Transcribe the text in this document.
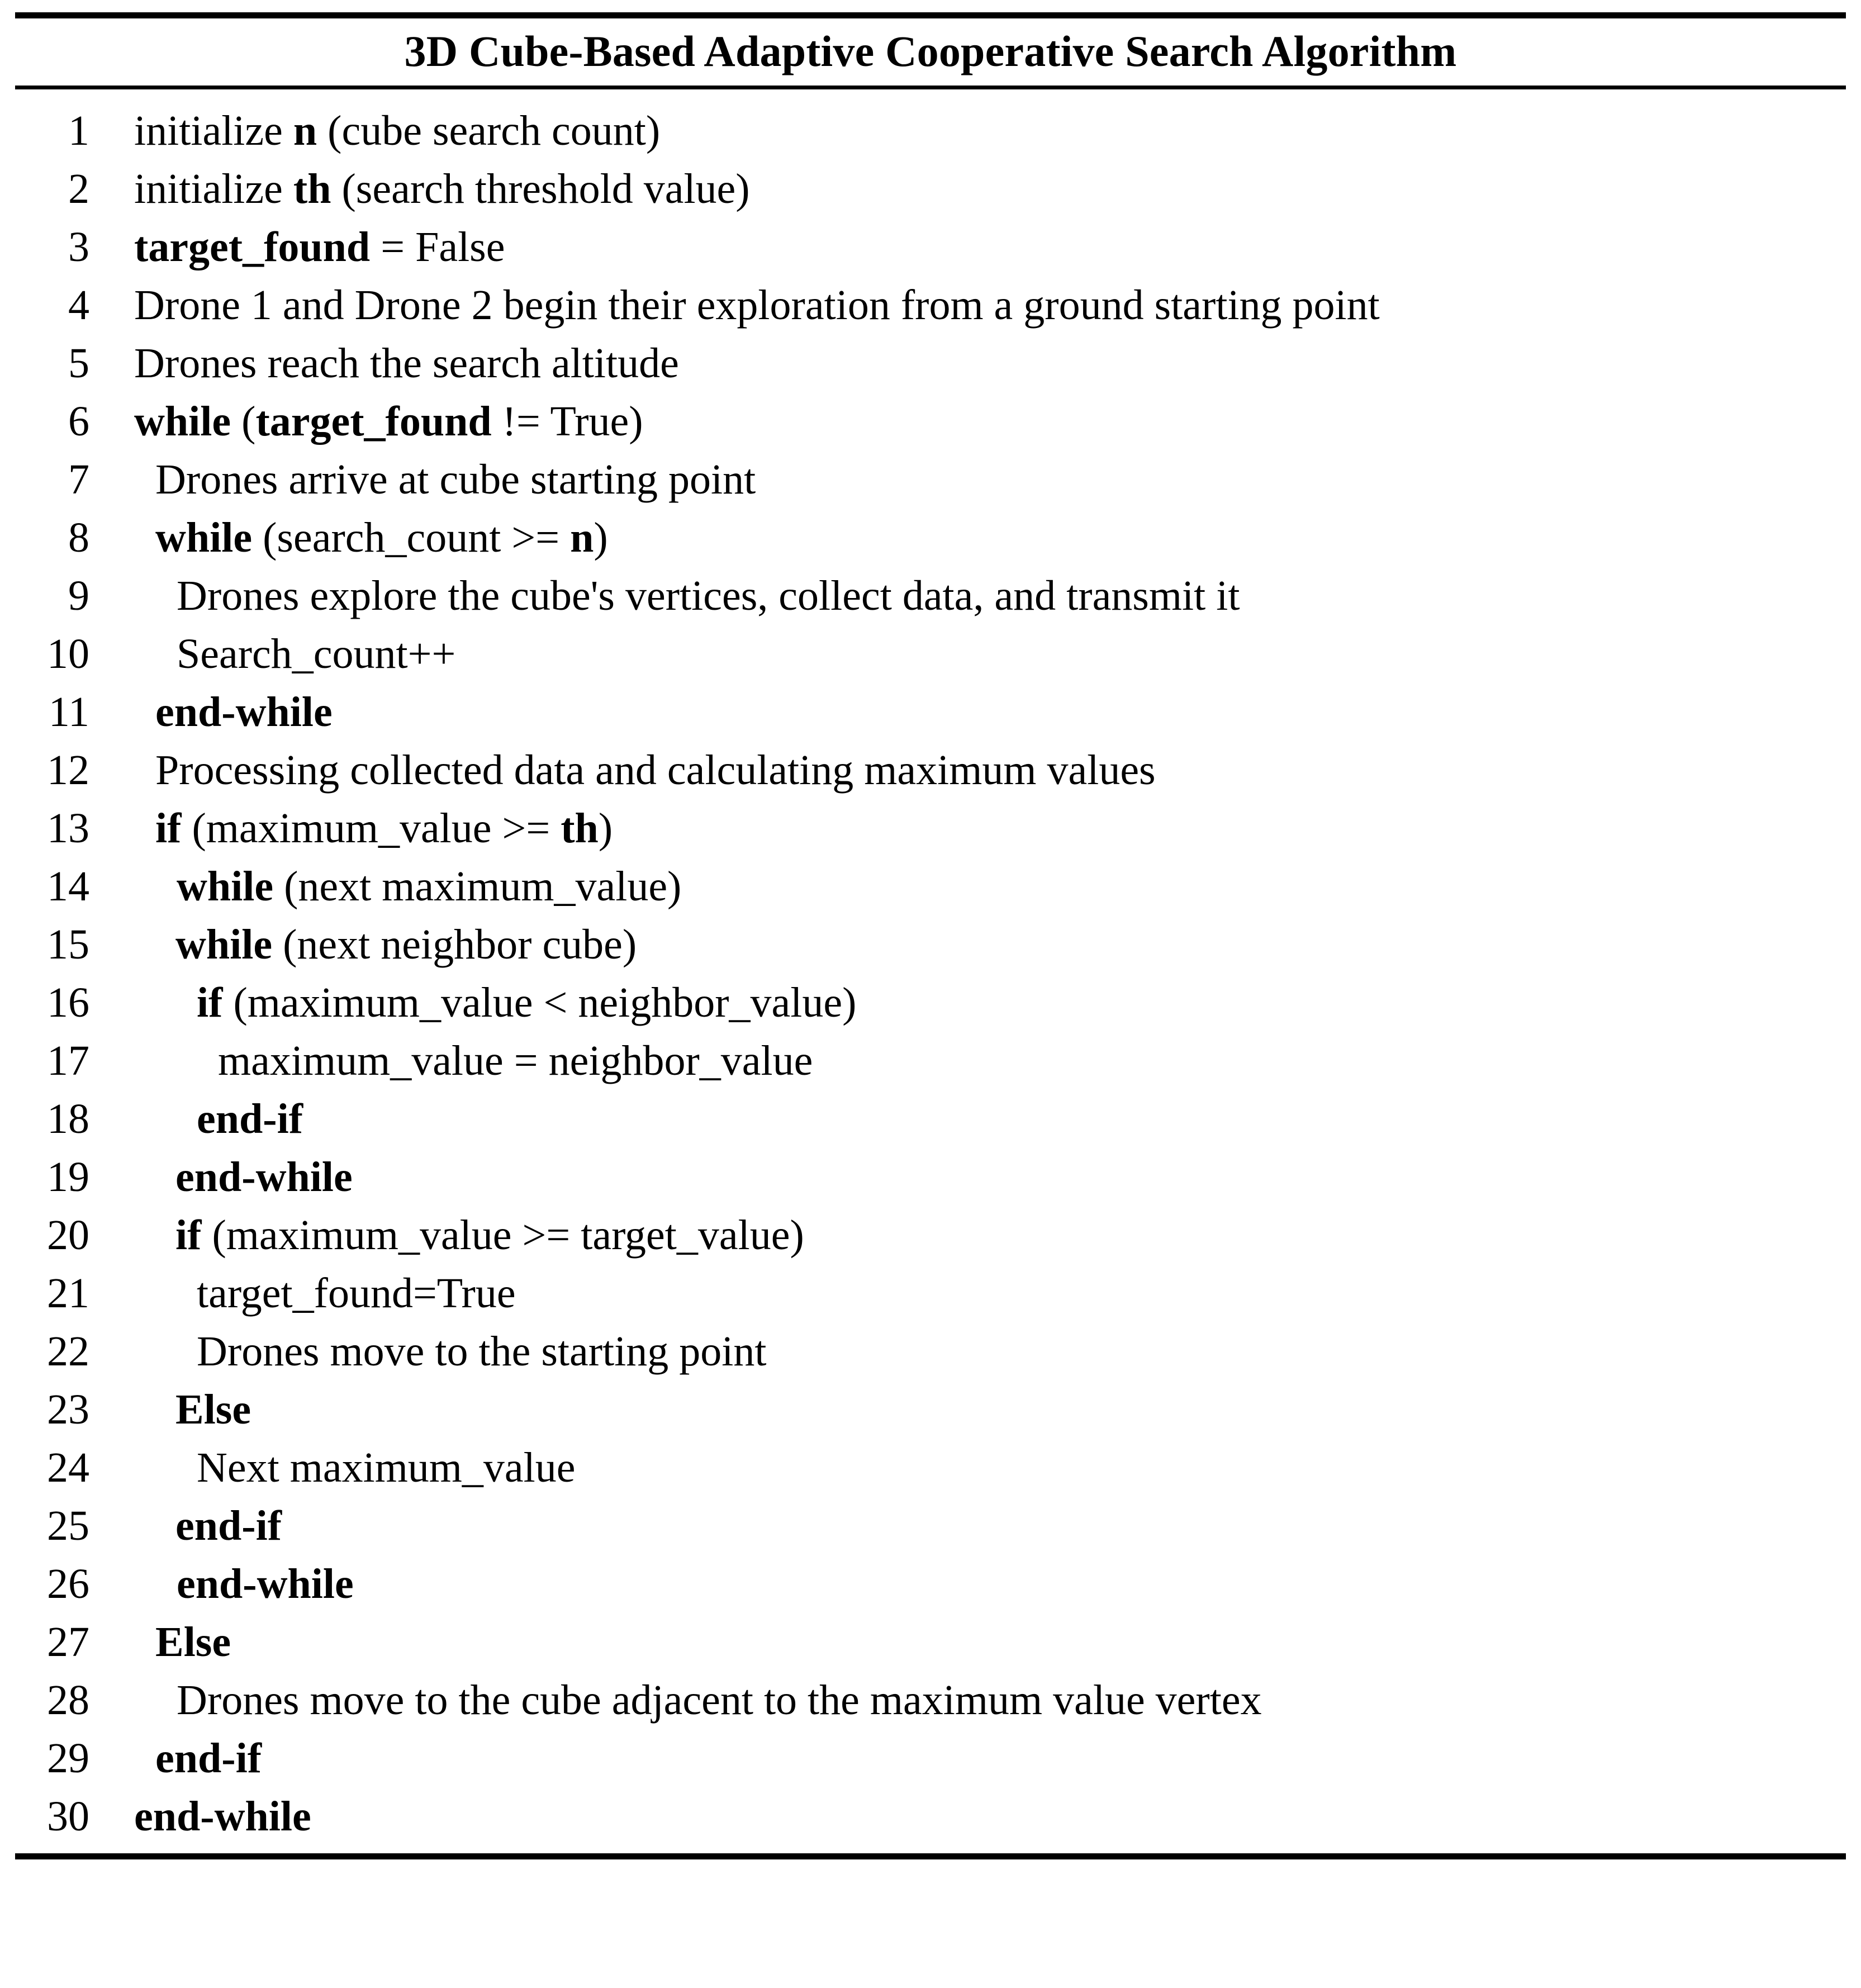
3D Cube-Based Adaptive Cooperative Search Algorithm
1	initialize n (cube search count)
2	initialize th (search threshold value)
3	target_found = False
4	Drone 1 and Drone 2 begin their exploration from a ground starting point
5	Drones reach the search altitude
6	while (target_found != True)
7	Drones arrive at cube starting point
8	while (search_count >= n)
9	Drones explore the cube's vertices, collect data, and transmit it
10	Search_count++
11	end-while
12	Processing collected data and calculating maximum values
13	if (maximum_value >= th)
14	while (next maximum_value)
15	while (next neighbor cube)
16	if (maximum_value < neighbor_value)
17	maximum_value = neighbor_value
18	end-if
19	end-while
20	if (maximum_value >= target_value)
21	target_found=True
22	Drones move to the starting point
23	Else
24	Next maximum_value
25	end-if
26	end-while
27	Else
28	Drones move to the cube adjacent to the maximum value vertex
29	end-if
30	end-while
